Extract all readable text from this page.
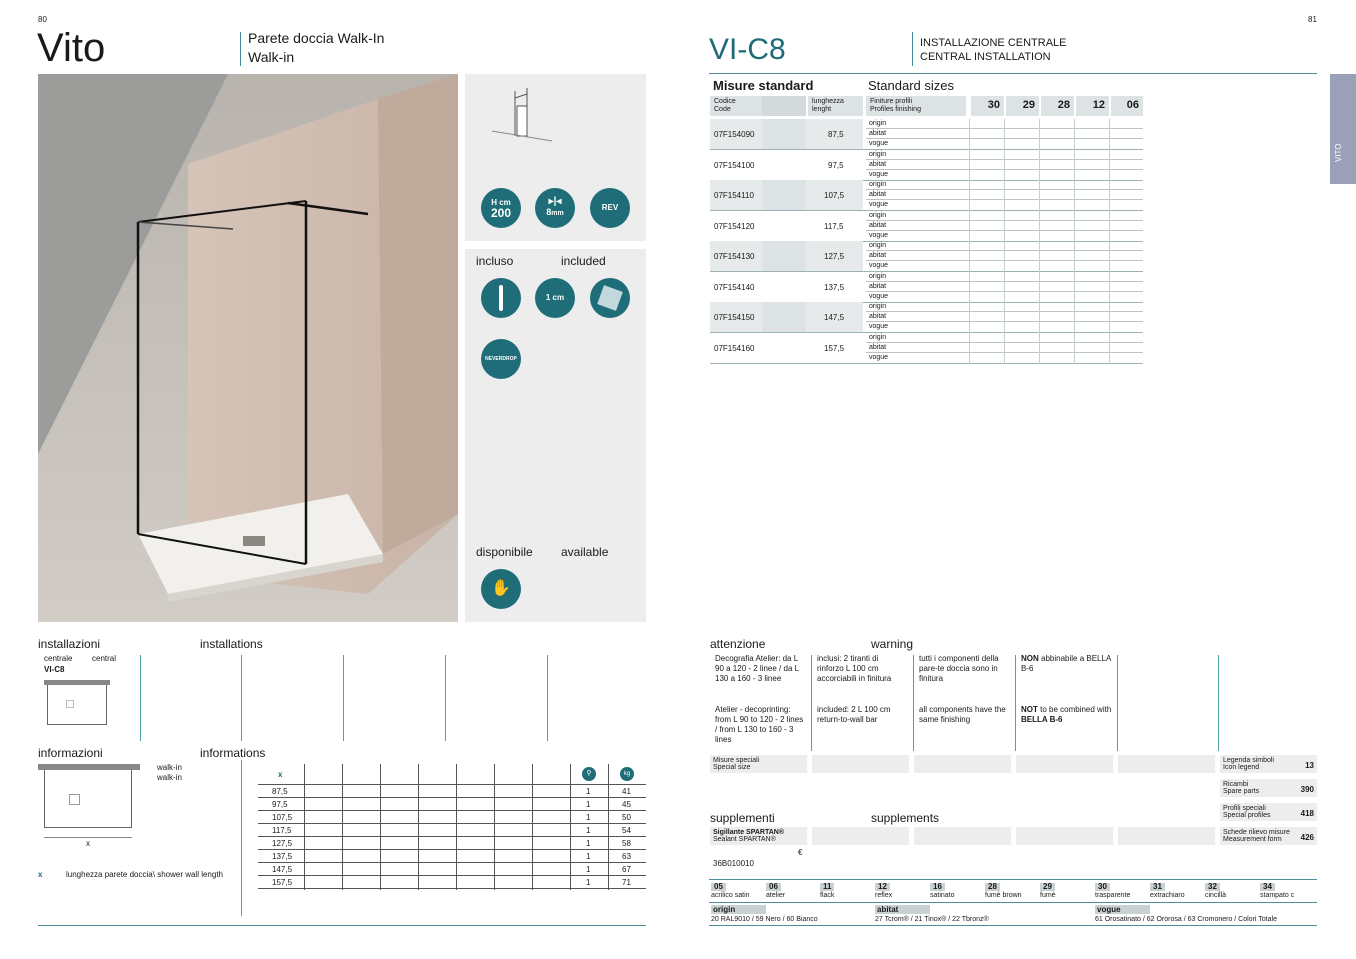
80
Vito	Parete doccia Walk-In
Walk-in
H cm
200
▸|◂
8mm
REV
incluso	included
1 cm
NEVERDROP
disponibile available
✋
installazioni	installations
centrale central
VI-C8
informazioni	informations
x
walk-in
walk-in
x	lunghezza parete doccia\ shower wall length
x	⚲	kg
87,5	1	41
97,5	1	45
107,5	1	50
117,5	1	54
127,5	1	58
137,5	1	63
147,5	1	67
157,5	1	71
81
VI-C8	INSTALLAZIONE CENTRALE
CENTRAL INSTALLATION
VITO
Misure standard	Standard sizes
Codice
Code
lunghezza
lenght
Finiture profili
Profiles finishing	30	29	28	12	06
07F154090	87,5
origin
abitat
vogue
07F154100	97,5
origin
abitat
vogue
07F154110	107,5
origin
abitat
vogue
07F154120	117,5
origin
abitat
vogue
07F154130	127,5
origin
abitat
vogue
07F154140	137,5
origin
abitat
vogue
07F154150	147,5
origin
abitat
vogue
07F154160	157,5
origin
abitat
vogue
attenzione	warning
Decografia Atelier: da L 90 a 120 - 2 linee / da L 130 a 160 - 3 linee
Atelier - decoprinting: from L 90 to 120 - 2 lines / from L 130 to 160 - 3 lines
inclusi: 2 tiranti di rinforzo L 100 cm accorciabili in finitura
included: 2 L 100 cm return-to-wall bar
tutti i componenti della pare-te doccia sono in finitura
all components have the same finishing
NON abbinabile a BELLA B-6
NOT to be combined with
BELLA B-6
Misure speciali
Special size
Legenda simboli
Icon legend	13
Ricambi
Spare parts	390
Profili speciali
Special profiles	418
Schede rilievo misure
Measurement form 426
supplementi	supplements
Sigillante SPARTAN®
Sealant SPARTAN®
€
36B010010
05
acrilico satin
06
atelier
11
flack
12
reflex
16
satinato
28
fumè brown
29
fumè
30
trasparente
31
extrachiaro
32
cincillà
34
stampato c
origin
20 RAL9010 / 59 Nero / 60 Bianco
abitat
27 Tcrom® / 21 Tinox® / 22 Tbronz®
vogue
61 Orosatinato / 62 Ororosa / 63 Cromonero / Colori Totale
